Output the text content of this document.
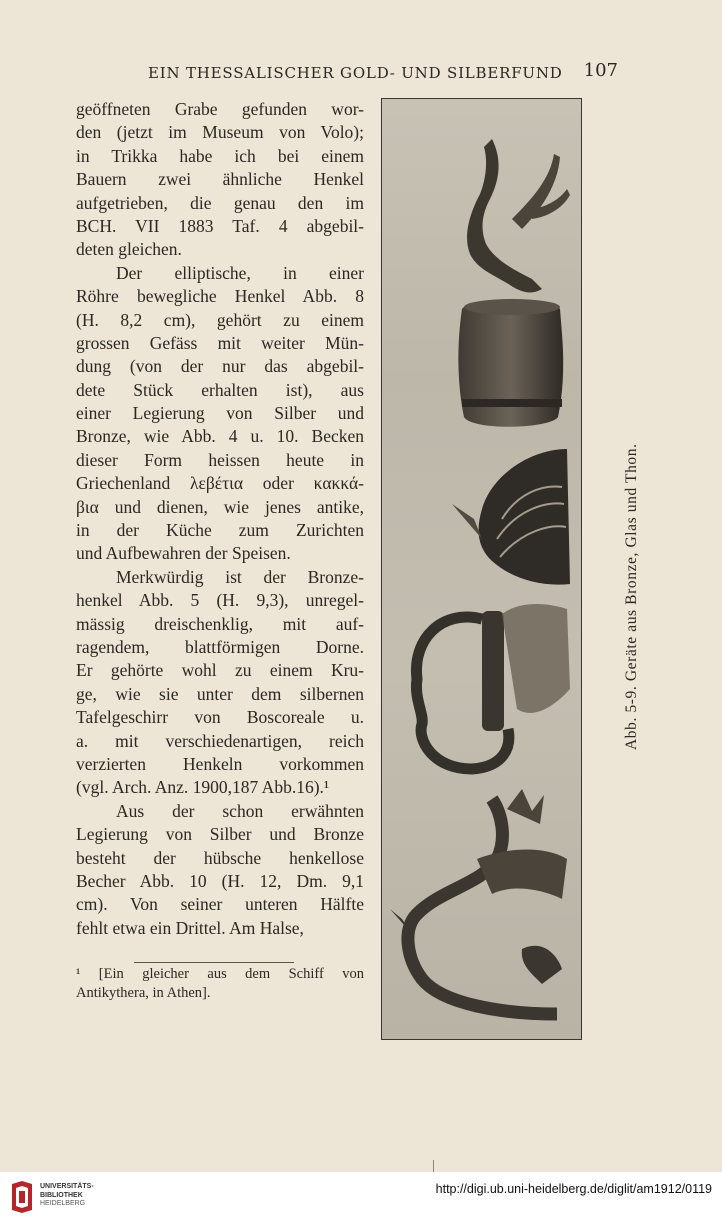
EIN THESSALISCHER GOLD- UND SILBERFUND 107
geöffneten Grabe gefunden wor-
den (jetzt im Museum von Volo);
in Trikka habe ich bei einem
Bauern zwei ähnliche Henkel
aufgetrieben, die genau den im
BCH. VII 1883 Taf. 4 abgebil-
deten gleichen.
Der elliptische, in einer
Röhre bewegliche Henkel Abb. 8
(H. 8,2 cm), gehört zu einem
grossen Gefäss mit weiter Mün-
dung (von der nur das abgebil-
dete Stück erhalten ist), aus
einer Legierung von Silber und
Bronze, wie Abb. 4 u. 10. Becken
dieser Form heissen heute in
Griechenland λεβέτια oder κακκά-
βια und dienen, wie jenes antike,
in der Küche zum Zurichten
und Aufbewahren der Speisen.
Merkwürdig ist der Bronze-
henkel Abb. 5 (H. 9,3), unregel-
mässig dreischenklig, mit auf-
ragendem, blattförmigen Dorne.
Er gehörte wohl zu einem Kru-
ge, wie sie unter dem silbernen
Tafelgeschirr von Boscoreale u.
a. mit verschiedenartigen, reich
verzierten Henkeln vorkommen
(vgl. Arch. Anz. 1900,187 Abb.16).¹
Aus der schon erwähnten
Legierung von Silber und Bronze
besteht der hübsche henkellose
Becher Abb. 10 (H. 12, Dm. 9,1
cm). Von seiner unteren Hälfte
fehlt etwa ein Drittel. Am Halse,
¹ [Ein gleicher aus dem Schiff von
Antikythera, in Athen].
Abb. 5-9. Geräte aus Bronze, Glas und Thon.
UNIVERSITÄTS-
BIBLIOTHEK
HEIDELBERG
http://digi.ub.uni-heidelberg.de/diglit/am1912/0119
